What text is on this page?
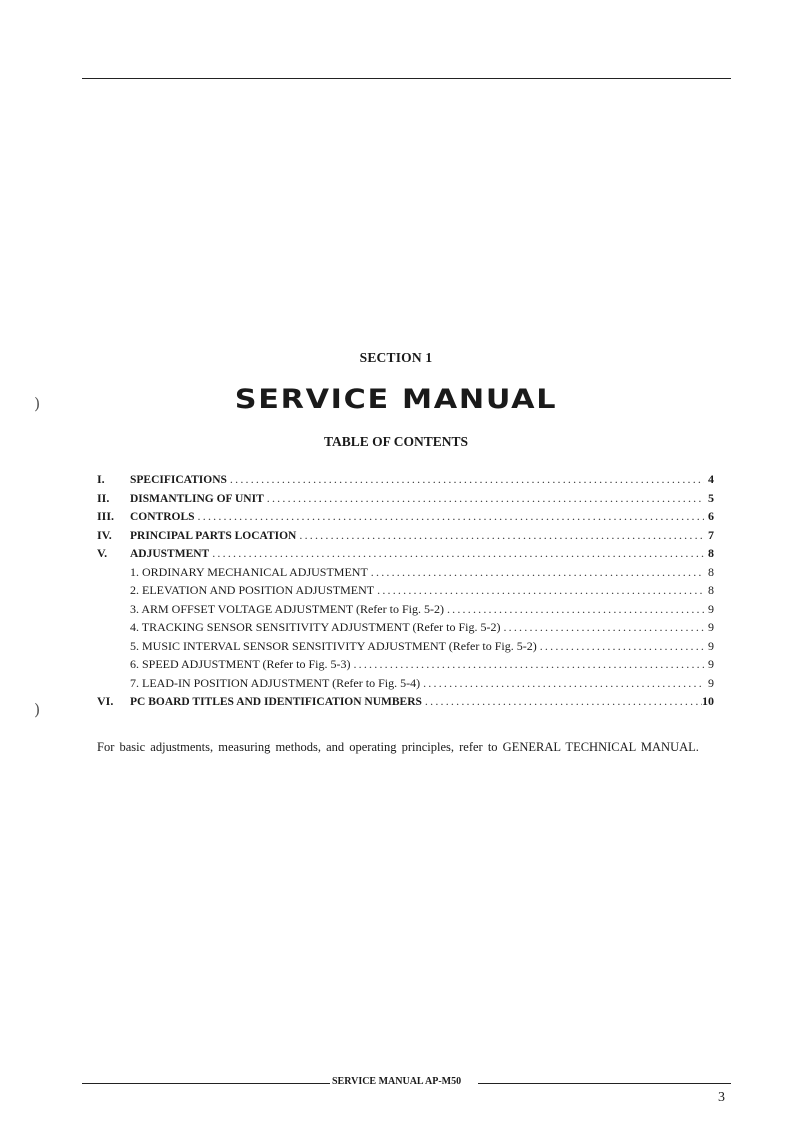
)
)
SECTION 1
SERVICE MANUAL
TABLE OF CONTENTS
I.	SPECIFICATIONS .....	4
II.	DISMANTLING OF UNIT .....	5
III.	CONTROLS .....	6
IV.	PRINCIPAL PARTS LOCATION .....	7
V.	ADJUSTMENT .....	8
1. ORDINARY MECHANICAL ADJUSTMENT .....	8
2. ELEVATION AND POSITION ADJUSTMENT .....	8
3. ARM OFFSET VOLTAGE ADJUSTMENT (Refer to Fig. 5-2) .....	9
4. TRACKING SENSOR SENSITIVITY ADJUSTMENT (Refer to Fig. 5-2) .....	9
5. MUSIC INTERVAL SENSOR SENSITIVITY ADJUSTMENT (Refer to Fig. 5-2) .....	9
6. SPEED ADJUSTMENT (Refer to Fig. 5-3) .....	9
7. LEAD-IN POSITION ADJUSTMENT (Refer to Fig. 5-4) .....	9
VI.	PC BOARD TITLES AND IDENTIFICATION NUMBERS .....	10
For basic adjustments, measuring methods, and operating principles, refer to GENERAL TECHNICAL MANUAL.
SERVICE MANUAL AP-M50
3
